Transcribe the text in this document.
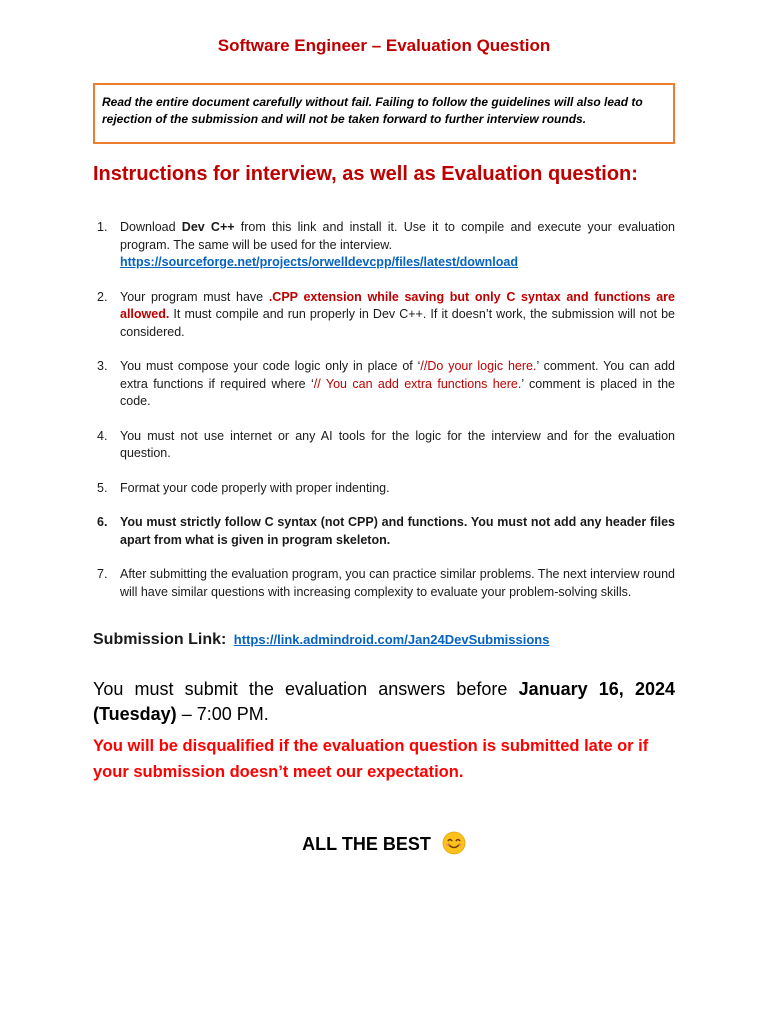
Software Engineer – Evaluation Question
Read the entire document carefully without fail. Failing to follow the guidelines will also lead to rejection of the submission and will not be taken forward to further interview rounds.
Instructions for interview, as well as Evaluation question:
1. Download Dev C++ from this link and install it. Use it to compile and execute your evaluation program. The same will be used for the interview.
https://sourceforge.net/projects/orwelldevcpp/files/latest/download
2. Your program must have .CPP extension while saving but only C syntax and functions are allowed. It must compile and run properly in Dev C++. If it doesn’t work, the submission will not be considered.
3. You must compose your code logic only in place of ‘//Do your logic here.’ comment. You can add extra functions if required where ‘// You can add extra functions here.’ comment is placed in the code.
4. You must not use internet or any AI tools for the logic for the interview and for the evaluation question.
5. Format your code properly with proper indenting.
6. You must strictly follow C syntax (not CPP) and functions. You must not add any header files apart from what is given in program skeleton.
7. After submitting the evaluation program, you can practice similar problems. The next interview round will have similar questions with increasing complexity to evaluate your problem-solving skills.
Submission Link: https://link.admindroid.com/Jan24DevSubmissions
You must submit the evaluation answers before January 16, 2024 (Tuesday) – 7:00 PM.
You will be disqualified if the evaluation question is submitted late or if your submission doesn’t meet our expectation.
ALL THE BEST
